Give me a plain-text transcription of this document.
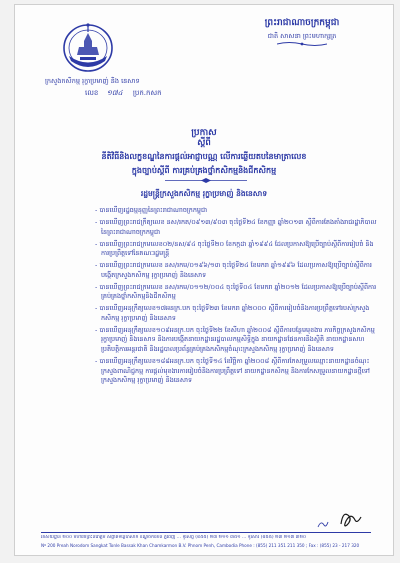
ព្រះរាជាណាចក្រកម្ពុជា
ជាតិ សាសនា ព្រះមហាក្សត្រ
ក្រសួងកសិកម្ម រុក្ខាប្រមាញ់ និង នេសាទ
លេខ ១៧៤ ប្រក.កសក
ប្រកាស
ស្តីពី
នីតិវិធីនិងលក្ខខណ្ឌនៃការផ្តល់អាជ្ញាបណ្ណ លើការឆ្លើយតបនៃមាត្រាលេខ
ក្នុងច្បាប់ស្តីពី ការគ្រប់គ្រងថ្នាំកសិកម្មនិងជីកសិកម្ម
រដ្ឋមន្ត្រីក្រសួងកសិកម្ម រុក្ខាប្រមាញ់ និងនេសាទ
- បានឃើញរដ្ឋធម្មនុញ្ញនៃព្រះរាជាណាចក្រកម្ពុជា
- បានឃើញព្រះរាជក្រឹត្យលេខ នស/រកត/០៩១៣/៩០៣ ចុះថ្ងៃទី២៤ ខែកញ្ញា ឆ្នាំ២០១៣ ស្តីពីការតែងតាំងរាជរដ្ឋាភិបាលនៃព្រះរាជាណាចក្រកម្ពុជា
- បានឃើញព្រះរាជក្រមលេខ០២/នស/៩៤ ចុះថ្ងៃទី២០ ខែកក្កដា ឆ្នាំ១៩៩៤ ដែលប្រកាសឱ្យប្រើច្បាប់ស្តីពីការរៀបចំ និងការប្រព្រឹត្តទៅនៃគណៈរដ្ឋមន្ត្រី
- បានឃើញព្រះរាជក្រមលេខ នស/រកម/០១៩៦/១៣ ចុះថ្ងៃទី២៤ ខែមករា ឆ្នាំ១៩៩៦ ដែលប្រកាសឱ្យប្រើច្បាប់ស្តីពីការបង្កើតក្រសួងកសិកម្ម រុក្ខាប្រមាញ់ និងនេសាទ
- បានឃើញព្រះរាជក្រមលេខ នស/រកម/០១១២/០០៤ ចុះថ្ងៃទី០៤ ខែមករា ឆ្នាំ២០១២ ដែលប្រកាសឱ្យប្រើច្បាប់ស្តីពីការគ្រប់គ្រងថ្នាំកសិកម្មនិងជីកសិកម្ម
- បានឃើញអនុក្រឹត្យលេខ១៧អនក្រ.បក ចុះថ្ងៃទី២៣ ខែមករា ឆ្នាំ២០០០ ស្តីពីការរៀបចំនិងការប្រព្រឹត្តទៅរបស់ក្រសួងកសិកម្ម រុក្ខាប្រមាញ់ និងនេសាទ
- បានឃើញអនុក្រឹត្យលេខ១០៩អនក្រ.បក ចុះថ្ងៃទី២២ ខែសីហា ឆ្នាំ២០០៨ ស្តីពីការបន្ថែមមុខងារ ភារកិច្ចក្រសួងកសិកម្ម រុក្ខាប្រមាញ់ និងនេសាទ និងការបង្កើតនាយកដ្ឋានរដ្ឋបាលកម្មសិទ្ធិក្នុង នាយកដ្ឋានផែនការនិងស្ថិតិ នាយកដ្ឋានសហប្រតិបត្តិការអន្តរជាតិ និងរដ្ឋបាលប្រព័ន្ធគ្រប់គ្រងកសិកម្មចំណុះក្រសួងកសិកម្ម រុក្ខាប្រមាញ់ និងនេសាទ
- បានឃើញអនុក្រឹត្យលេខ១៨៨អនក្រ.បក ចុះថ្ងៃទី១៤ ខែវិច្ឆិកា ឆ្នាំ២០០៨ ស្តីពីការកែសម្រួលឈ្មោះនាយកដ្ឋានចំណុះក្រសួងពាណិជ្ជកម្ម ការផ្តល់មុខងារការរៀបចំនិងការប្រព្រឹត្តទៅ នាយកដ្ឋានកសិកម្ម និងការកែសម្រួលនាយកដ្ឋានថ្មីទៅក្រសួងកសិកម្ម រុក្ខាប្រមាញ់ និងនេសាទ
អាសយដ្ឋាន ២០០ មហាវិថីព្រះនរោត្តម សង្កាត់ទន្លេបាសាក់ ខណ្ឌចំការមន ភ្នំពេញ ... ទូរស័ព្ទ (៨៥៥) ២៣ ២១១ ៣៥១ ... ទូរសារ (៨៥៥) ២៣ ២១៧ ៣២០
Nº 200 Preah Norodom Sangkat Tonle Bassak Khan Chamkarmon B.V. Phnom Penh, Cambodia Phone : (855) 211 351 211 350 ; Fax : (855) 23 - 217 320
